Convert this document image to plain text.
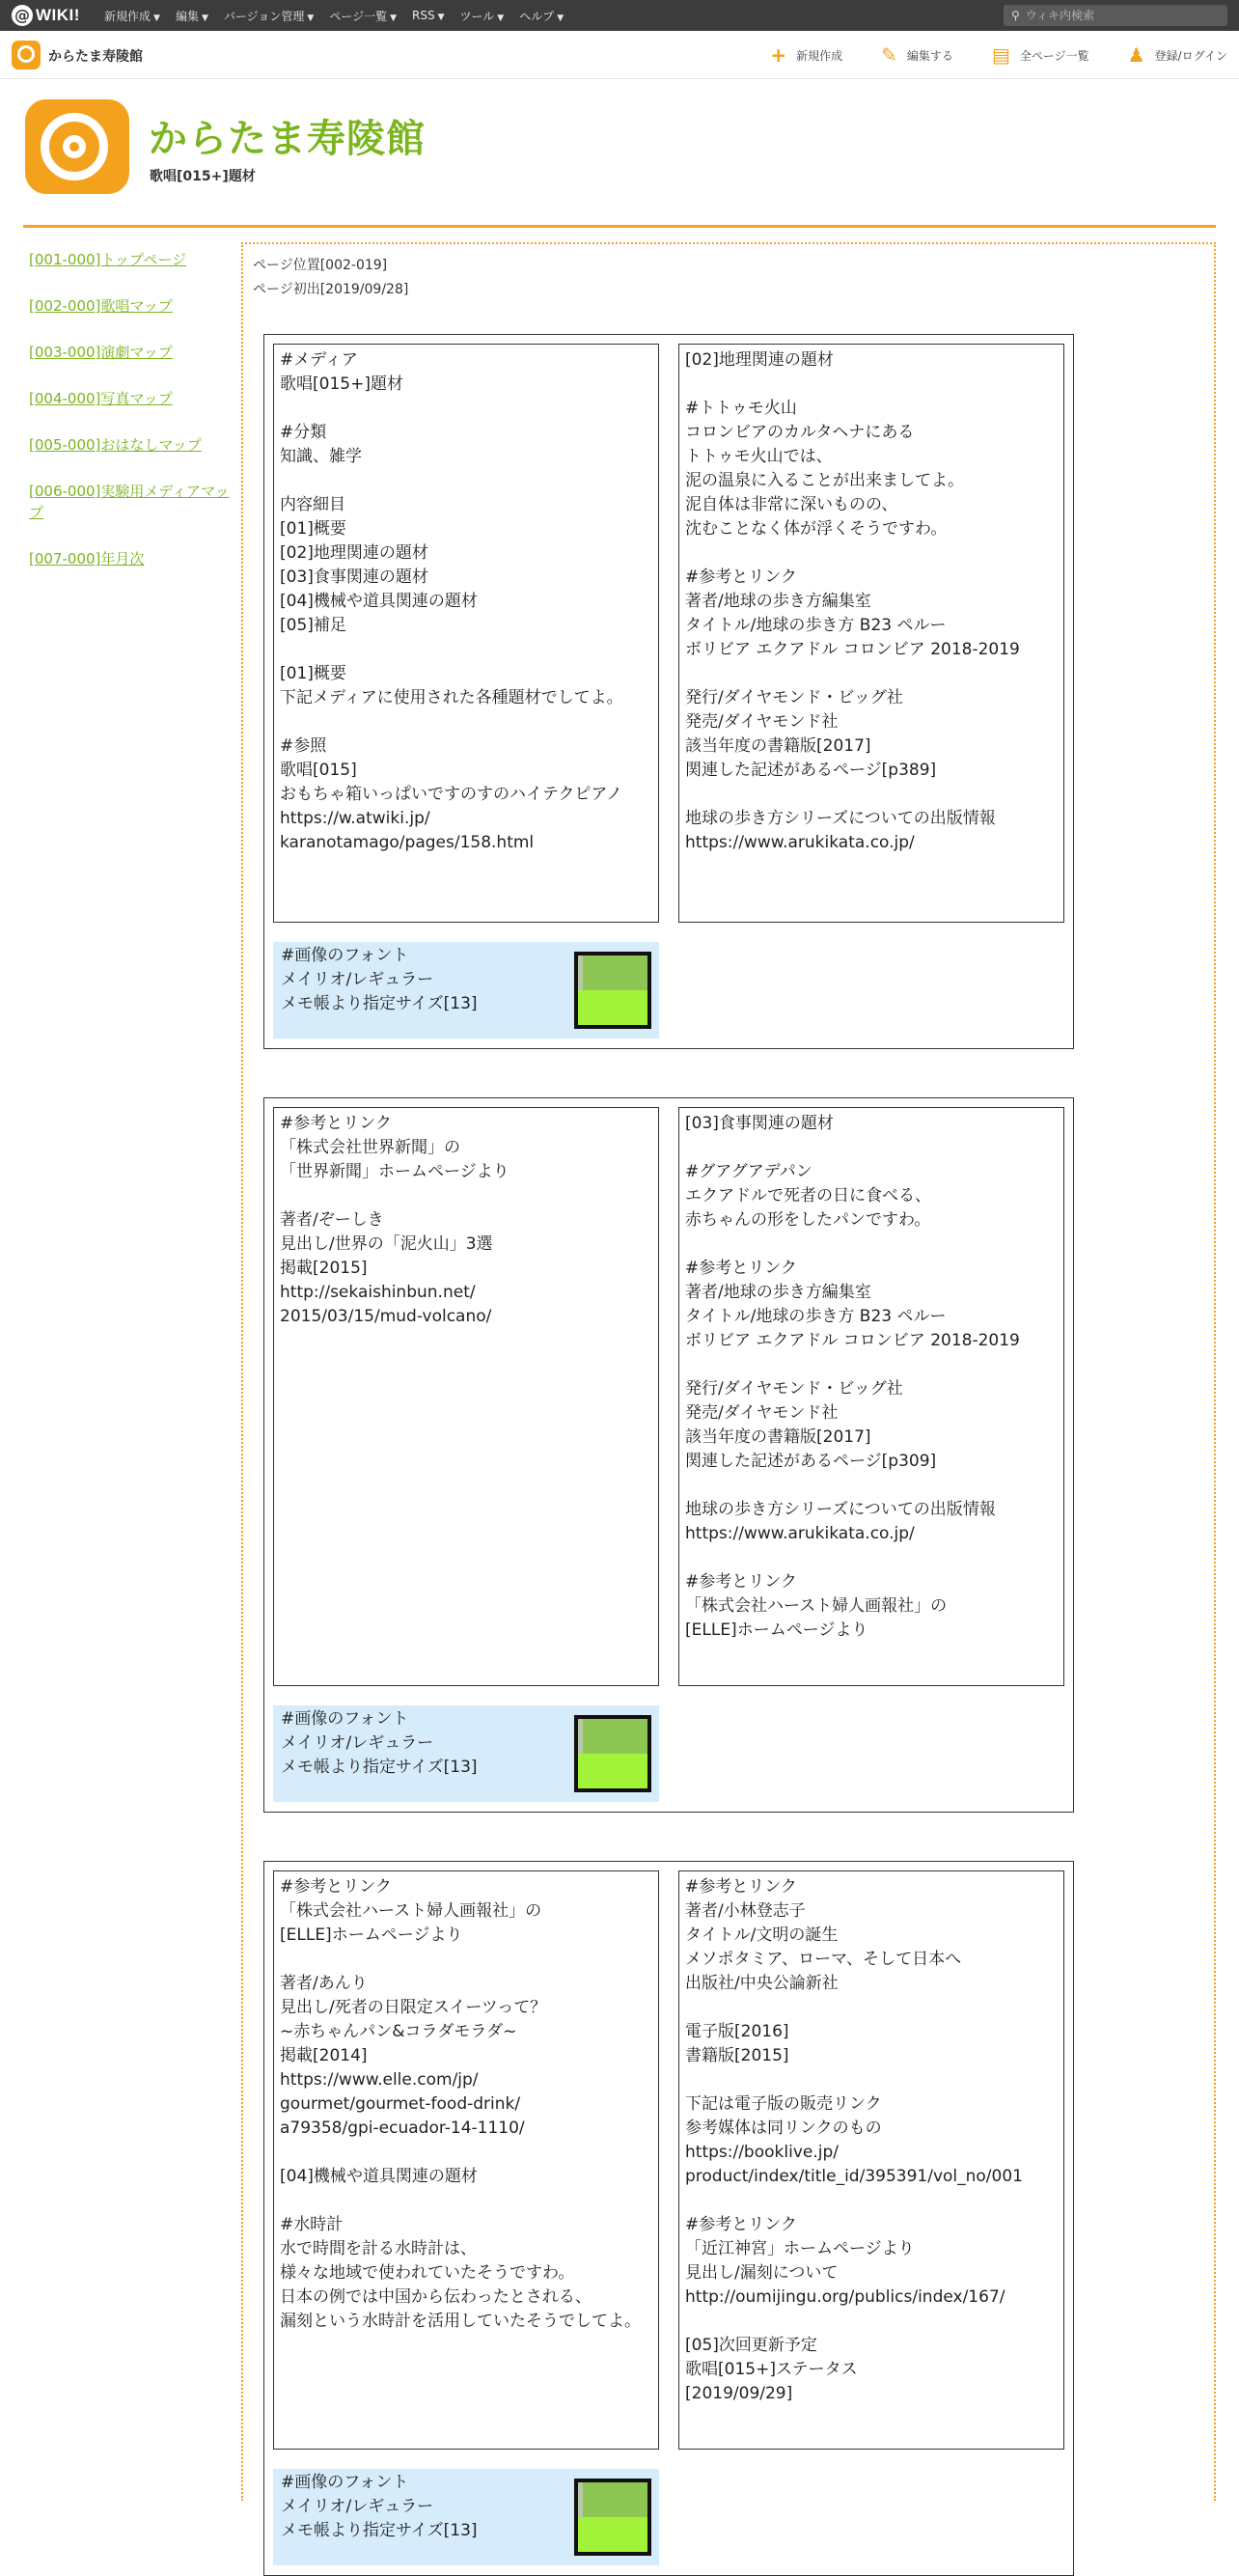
@ WIKI! 新規作成 ▼ 編集 ▼ バージョン管理 ▼ ページ一覧 ▼ RSS ▼ ツール ▼ ヘルプ ▼	⚲
ウィキ内検索
からたま寿陵館	+ 新規作成 ✎ 編集する ▤ 全ページ一覧 ♟ 登録/ログイン
からたま寿陵館
歌唱[015+]題材
[001-000]トップページ
[002-000]歌唱マップ
[003-000]演劇マップ
[004-000]写真マップ
[005-000]おはなしマップ
[006-000]実験用メディアマップ
[007-000]年月次
ページ位置[002-019]
ページ初出[2019/09/28]
#メディア
歌唱[015+]題材

#分類
知識、雑学

内容細目
[01]概要
[02]地理関連の題材
[03]食事関連の題材
[04]機械や道具関連の題材
[05]補足

[01]概要
下記メディアに使用された各種題材でしてよ。

#参照
歌唱[015]
おもちゃ箱いっぱいですのすのハイテクピアノ
https://w.atwiki.jp/
karanotamago/pages/158.html
[02]地理関連の題材

#トトゥモ火山
コロンビアのカルタヘナにある
トトゥモ火山では、
泥の温泉に入ることが出来ましてよ。
泥自体は非常に深いものの、
沈むことなく体が浮くそうですわ。

#参考とリンク
著者/地球の歩き方編集室
タイトル/地球の歩き方 B23 ペルー
ボリビア エクアドル コロンビア 2018-2019

発行/ダイヤモンド・ビッグ社
発売/ダイヤモンド社
該当年度の書籍版[2017]
関連した記述があるページ[p389]

地球の歩き方シリーズについての出版情報
https://www.arukikata.co.jp/
#画像のフォント
メイリオ/レギュラー
メモ帳より指定サイズ[13]
#参考とリンク
「株式会社世界新聞」の
「世界新聞」ホームページより

著者/ぞーしき
見出し/世界の「泥火山」3選
掲載[2015]
http://sekaishinbun.net/
2015/03/15/mud-volcano/
[03]食事関連の題材

#グアグアデパン
エクアドルで死者の日に食べる、
赤ちゃんの形をしたパンですわ。

#参考とリンク
著者/地球の歩き方編集室
タイトル/地球の歩き方 B23 ペルー
ボリビア エクアドル コロンビア 2018-2019

発行/ダイヤモンド・ビッグ社
発売/ダイヤモンド社
該当年度の書籍版[2017]
関連した記述があるページ[p309]

地球の歩き方シリーズについての出版情報
https://www.arukikata.co.jp/

#参考とリンク
「株式会社ハースト婦人画報社」の
[ELLE]ホームページより
#画像のフォント
メイリオ/レギュラー
メモ帳より指定サイズ[13]
#参考とリンク
「株式会社ハースト婦人画報社」の
[ELLE]ホームページより

著者/あんり
見出し/死者の日限定スイーツって？
~赤ちゃんパン&コラダモラダ~
掲載[2014]
https://www.elle.com/jp/
gourmet/gourmet-food-drink/
a79358/gpi-ecuador-14-1110/

[04]機械や道具関連の題材

#水時計
水で時間を計る水時計は、
様々な地域で使われていたそうですわ。
日本の例では中国から伝わったとされる、
漏刻という水時計を活用していたそうでしてよ。
#参考とリンク
著者/小林登志子
タイトル/文明の誕生
メソポタミア、ローマ、そして日本へ
出版社/中央公論新社

電子版[2016]
書籍版[2015]

下記は電子版の販売リンク
参考媒体は同リンクのもの
https://booklive.jp/
product/index/title_id/395391/vol_no/001

#参考とリンク
「近江神宮」ホームページより
見出し/漏刻について
http://oumijingu.org/publics/index/167/

[05]次回更新予定
歌唱[015+]ステータス
[2019/09/29]
#画像のフォント
メイリオ/レギュラー
メモ帳より指定サイズ[13]
